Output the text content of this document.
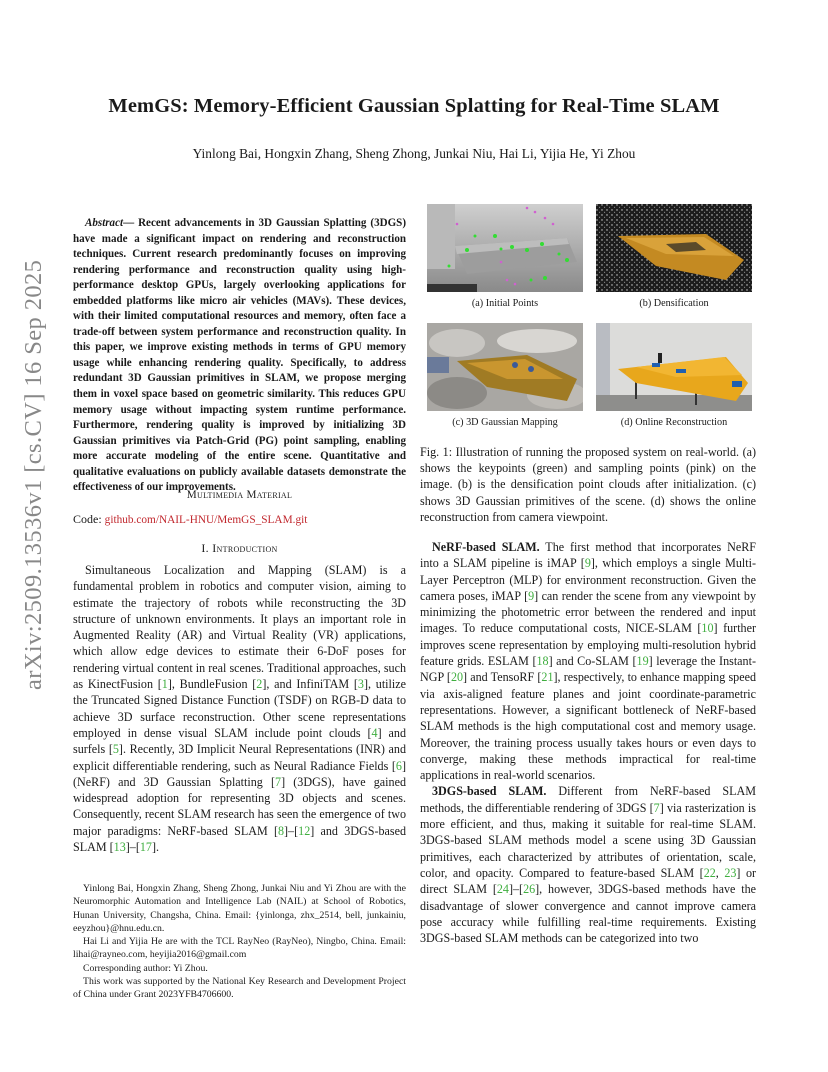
MemGS: Memory-Efficient Gaussian Splatting for Real-Time SLAM
Yinlong Bai, Hongxin Zhang, Sheng Zhong, Junkai Niu, Hai Li, Yijia He, Yi Zhou
arXiv:2509.13536v1 [cs.CV] 16 Sep 2025

Abstract— Recent advancements in 3D Gaussian Splatting (3DGS) have made a significant impact on rendering and reconstruction techniques. Current research predominantly focuses on improving rendering performance and reconstruction quality using high-performance desktop GPUs, largely overlooking applications for embedded platforms like micro air vehicles (MAVs). These devices, with their limited computational resources and memory, often face a trade-off between system performance and reconstruction quality. In this paper, we improve existing methods in terms of GPU memory usage while enhancing rendering quality. Specifically, to address redundant 3D Gaussian primitives in SLAM, we propose merging them in voxel space based on geometric similarity. This reduces GPU memory usage without impacting system runtime performance. Furthermore, rendering quality is improved by initializing 3D Gaussian primitives via Patch-Grid (PG) point sampling, enabling more accurate modeling of the entire scene. Quantitative and qualitative evaluations on publicly available datasets demonstrate the effectiveness of our improvements.

Multimedia Material
Code: github.com/NAIL-HNU/MemGS_SLAM.git
I. Introduction

Simultaneous Localization and Mapping (SLAM) is a fundamental problem in robotics and computer vision, aiming to estimate the trajectory of robots while reconstructing the 3D structure of unknown environments. It plays an important role in Augmented Reality (AR) and Virtual Reality (VR) applications, which allow edge devices to estimate their 6-DoF poses for rendering virtual content in real scenes. Traditional approaches, such as KinectFusion [1], BundleFusion [2], and InfiniTAM [3], utilize the Truncated Signed Distance Function (TSDF) on RGB-D data to achieve 3D surface reconstruction. Other scene representations employed in dense visual SLAM include point clouds [4] and surfels [5]. Recently, 3D Implicit Neural Representations (INR) and explicit differentiable rendering, such as Neural Radiance Fields [6] (NeRF) and 3D Gaussian Splatting [7] (3DGS), have gained widespread adoption for representing 3D objects and scenes. Consequently, recent SLAM research has seen the emergence of two major paradigms: NeRF-based SLAM [8]–[12] and 3DGS-based SLAM [13]–[17].

Yinlong Bai, Hongxin Zhang, Sheng Zhong, Junkai Niu and Yi Zhou are with the Neuromorphic Automation and Intelligence Lab (NAIL) at School of Robotics, Hunan University, Changsha, China. Email: {yinlonga, zhx_2514, bell, junkainiu, eeyzhou}@hnu.edu.cn.

Hai Li and Yijia He are with the TCL RayNeo (RayNeo), Ningbo, China. Email: lihai@rayneo.com, heyijia2016@gmail.com

Corresponding author: Yi Zhou.

This work was supported by the National Key Research and Development Project of China under Grant 2023YFB4706600.

(a) Initial Points	(b) Densification
(c) 3D Gaussian Mapping	(d) Online Reconstruction
Fig. 1: Illustration of running the proposed system on real-world. (a) shows the keypoints (green) and sampling points (pink) on the image. (b) is the densification point clouds after initialization. (c) shows 3D Gaussian primitives of the scene. (d) shows the online reconstruction from camera viewpoint.

NeRF-based SLAM. The first method that incorporates NeRF into a SLAM pipeline is iMAP [9], which employs a single Multi-Layer Perceptron (MLP) for environment reconstruction. Given the camera poses, iMAP [9] can render the scene from any viewpoint by minimizing the photometric error between the rendered and input images. To reduce computational costs, NICE-SLAM [10] further improves scene representation by employing multi-resolution hybrid feature grids. ESLAM [18] and Co-SLAM [19] leverage the Instant-NGP [20] and TensoRF [21], respectively, to enhance mapping speed via axis-aligned feature planes and joint coordinate-parametric representations. However, a significant bottleneck of NeRF-based SLAM methods is the high computational cost and memory usage. Moreover, the training process usually takes hours or even days to converge, making these methods impractical for real-time applications in real-world scenarios.

3DGS-based SLAM. Different from NeRF-based SLAM methods, the differentiable rendering of 3DGS [7] via rasterization is more efficient, and thus, making it suitable for real-time SLAM. 3DGS-based SLAM methods model a scene using 3D Gaussian primitives, each characterized by attributes of orientation, scale, color, and opacity. Compared to feature-based SLAM [22, 23] or direct SLAM [24]–[26], however, 3DGS-based methods have the disadvantage of slower convergence and cannot improve camera pose accuracy while fulfilling real-time requirements. Existing 3DGS-based SLAM methods can be categorized into two
